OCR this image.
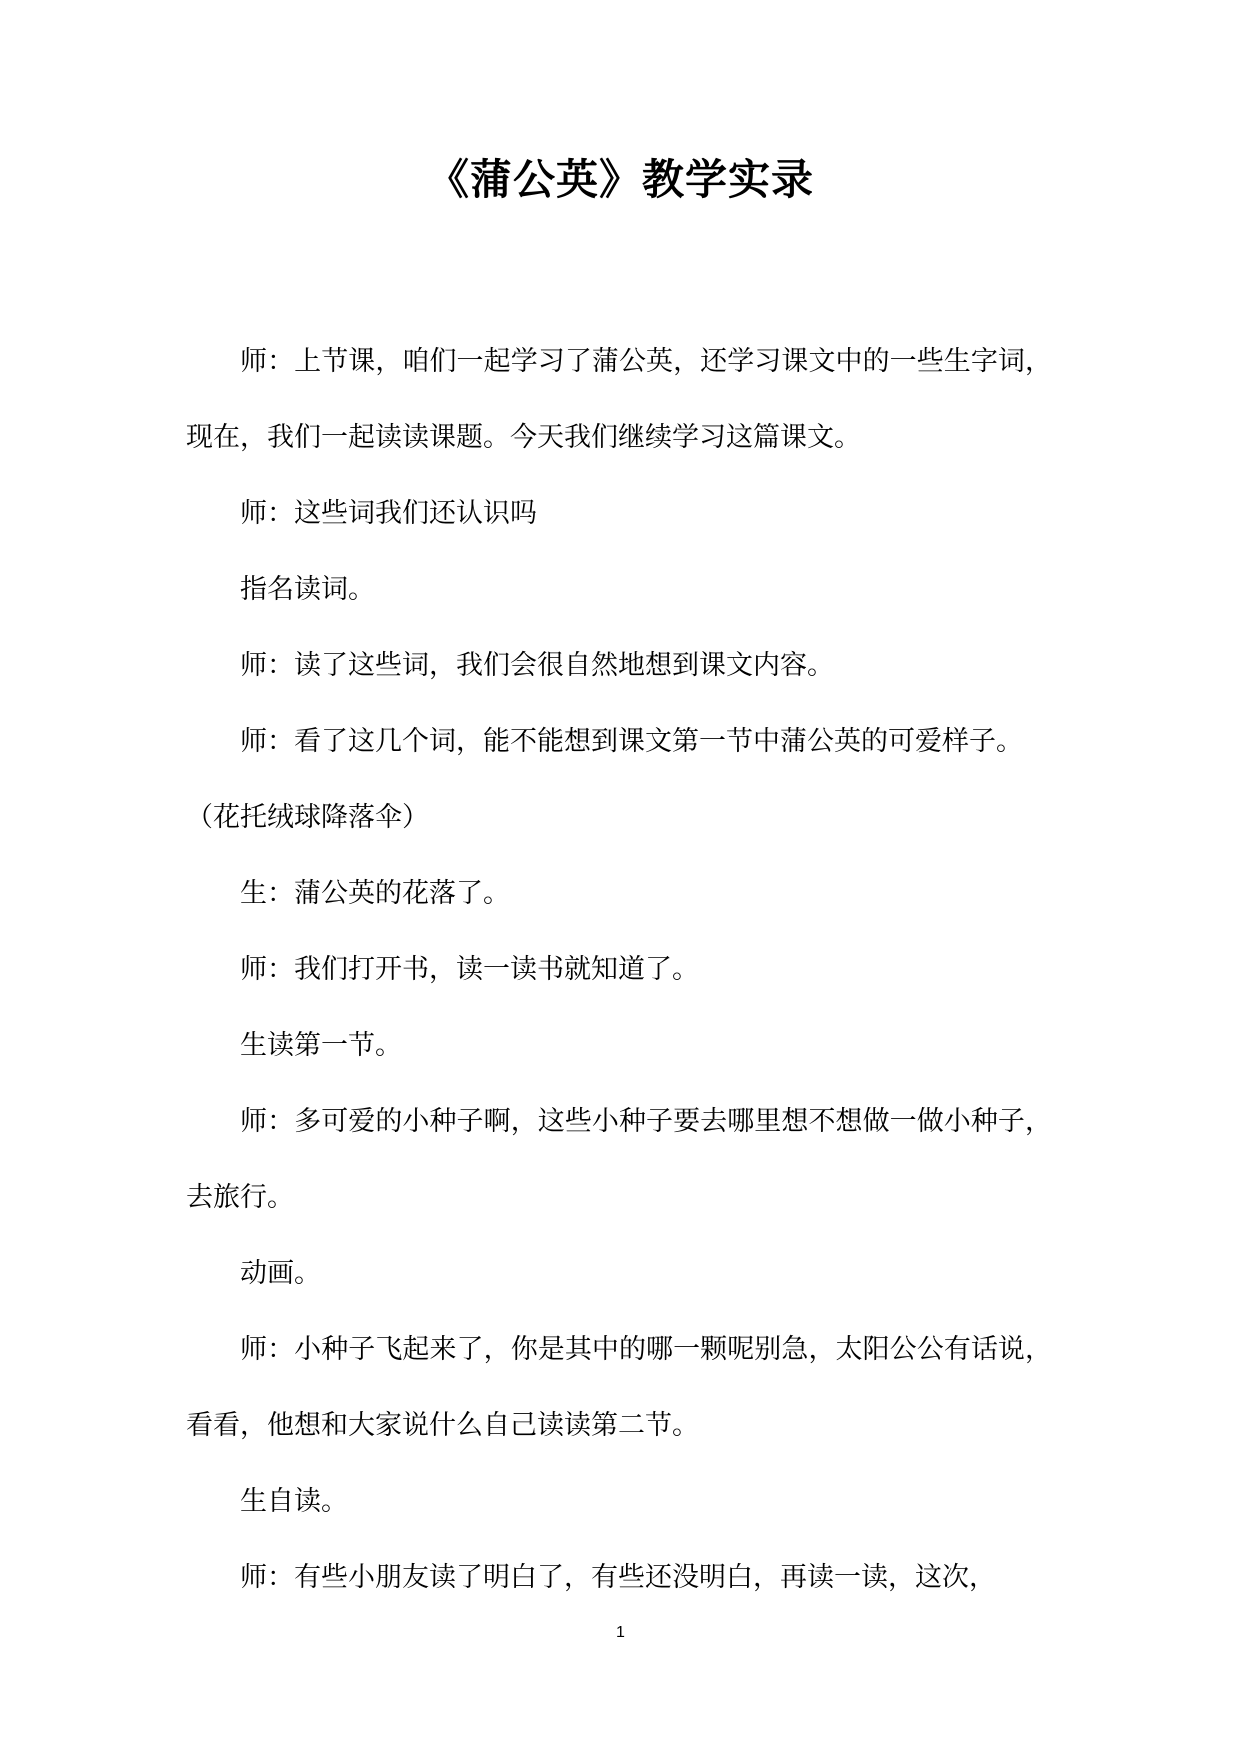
《蒲公英》教学实录

师：上节课，咱们一起学习了蒲公英，还学习课文中的一些生字词，现在，我们一起读读课题。今天我们继续学习这篇课文。

师：这些词我们还认识吗

指名读词。

师：读了这些词，我们会很自然地想到课文内容。

师：看了这几个词，能不能想到课文第一节中蒲公英的可爱样子。

（花托绒球降落伞）

生：蒲公英的花落了。

师：我们打开书，读一读书就知道了。

生读第一节。

师：多可爱的小种子啊，这些小种子要去哪里想不想做一做小种子，去旅行。

动画。

师：小种子飞起来了，你是其中的哪一颗呢别急，太阳公公有话说，看看，他想和大家说什么自己读读第二节。

生自读。

师：有些小朋友读了明白了，有些还没明白，再读一读，这次，

1
